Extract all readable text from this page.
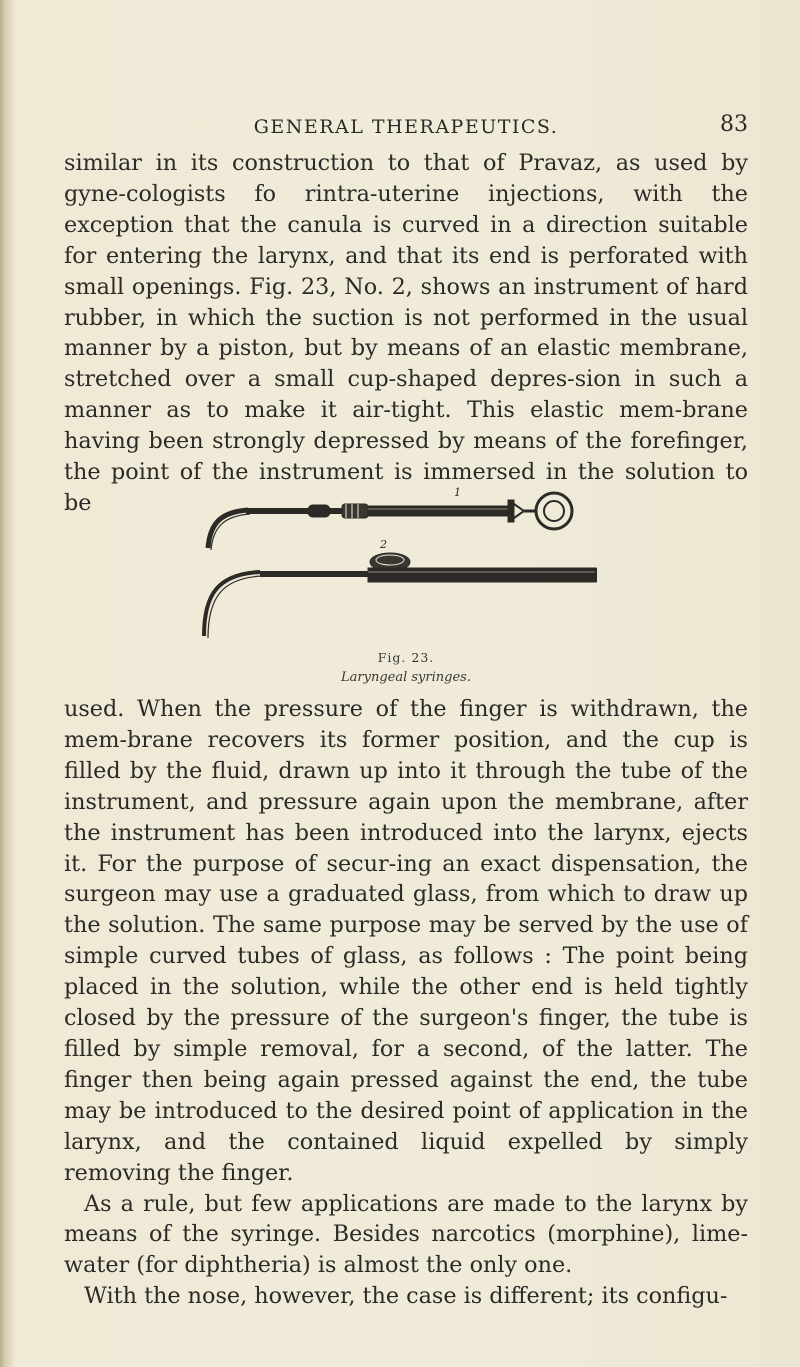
GENERAL THERAPEUTICS.	83

similar in its construction to that of Pravaz, as used by gyne-cologists fo rintra-uterine injections, with the exception that the canula is curved in a direction suitable for entering the larynx, and that its end is perforated with small openings. Fig. 23, No. 2, shows an instrument of hard rubber, in which the suction is not performed in the usual manner by a piston, but by means of an elastic membrane, stretched over a small cup-shaped depres-sion in such a manner as to make it air-tight. This elastic mem-brane having been strongly depressed by means of the forefinger, the point of the instrument is immersed in the solution to be	1
2
Fig. 23.
Laryngeal syringes.

used. When the pressure of the finger is withdrawn, the mem-brane recovers its former position, and the cup is filled by the fluid, drawn up into it through the tube of the instrument, and pressure again upon the membrane, after the instrument has been introduced into the larynx, ejects it. For the purpose of secur-ing an exact dispensation, the surgeon may use a graduated glass, from which to draw up the solution. The same purpose may be served by the use of simple curved tubes of glass, as follows : The point being placed in the solution, while the other end is held tightly closed by the pressure of the surgeon's finger, the tube is filled by simple removal, for a second, of the latter. The finger then being again pressed against the end, the tube may be introduced to the desired point of application in the larynx, and the contained liquid expelled by simply removing the finger.

As a rule, but few applications are made to the larynx by means of the syringe. Besides narcotics (morphine), lime-water (for diphtheria) is almost the only one.

With the nose, however, the case is different; its configu-
